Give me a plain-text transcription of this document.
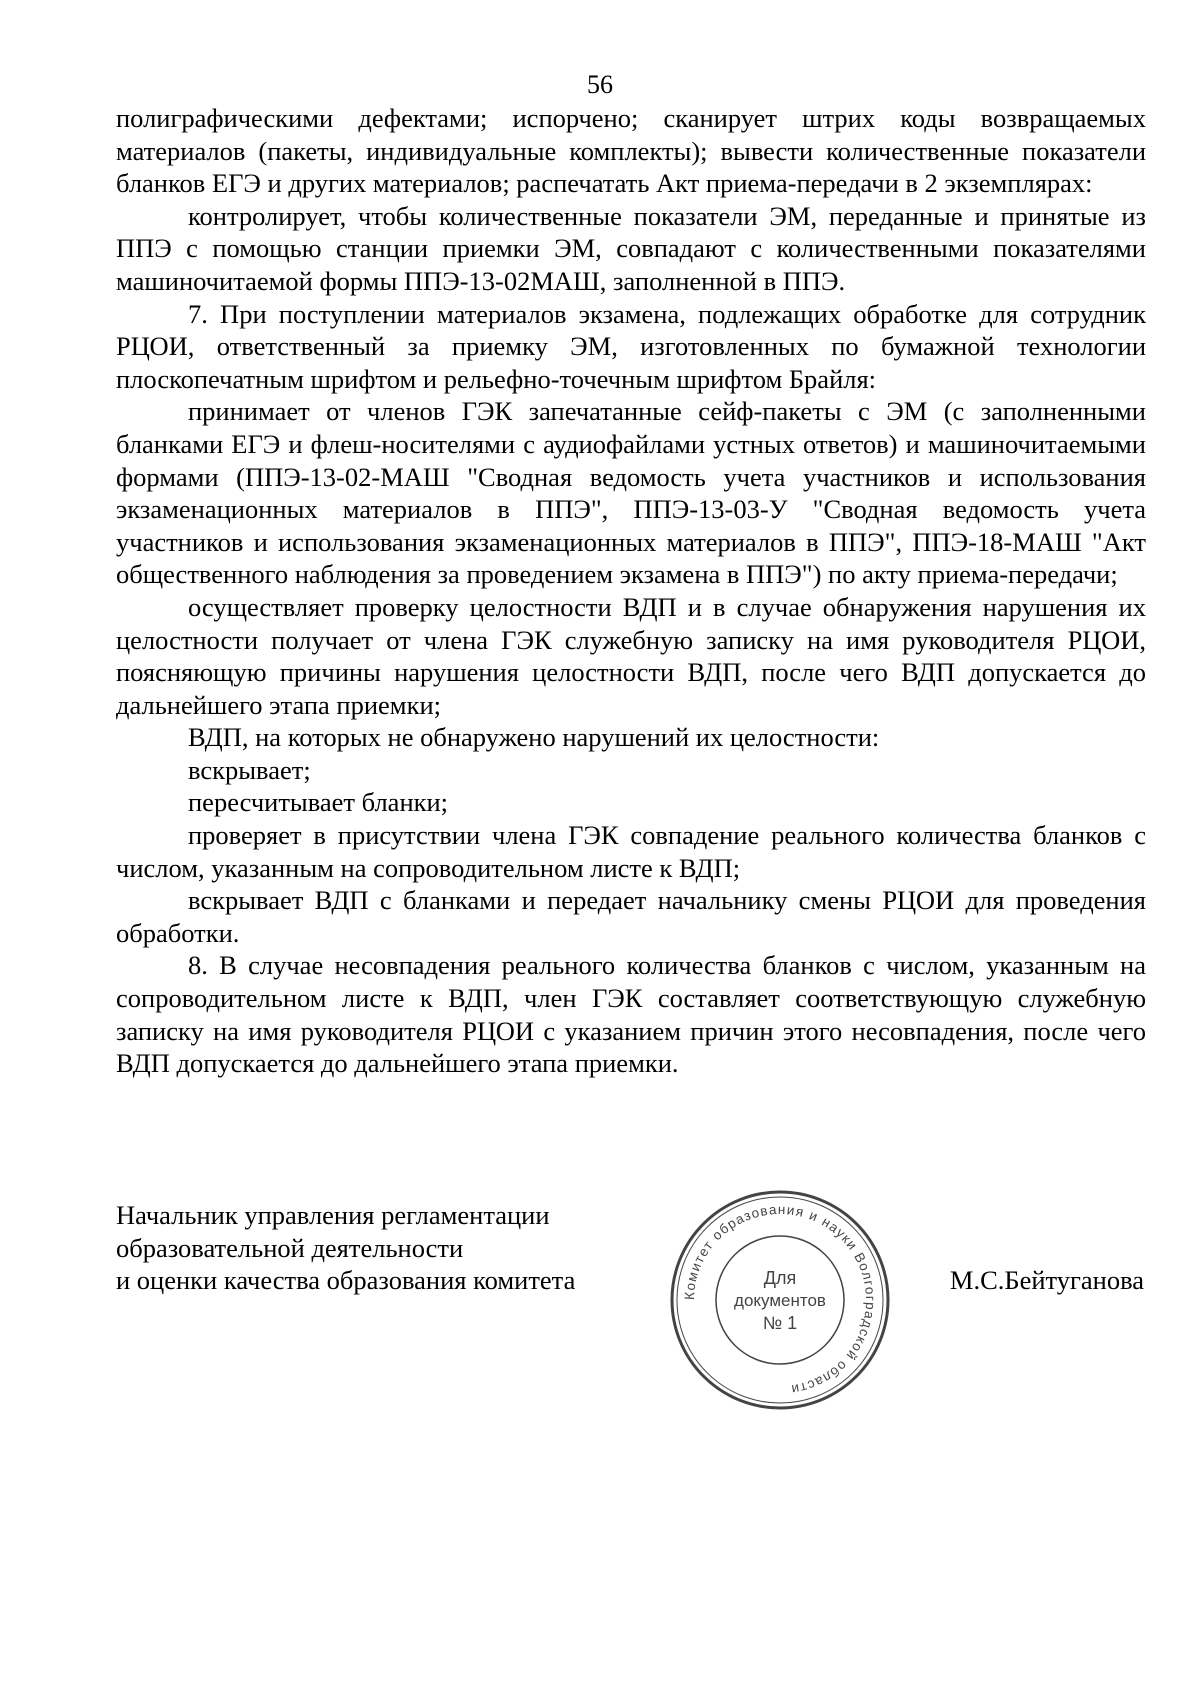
56

полиграфическими дефектами; испорчено; сканирует штрих коды возвращаемых материалов (пакеты, индивидуальные комплекты); вывести количественные показатели бланков ЕГЭ и других материалов; распечатать Акт приема-передачи в 2 экземплярах:

контролирует, чтобы количественные показатели ЭМ, переданные и принятые из ППЭ с помощью станции приемки ЭМ, совпадают с количественными показателями машиночитаемой формы ППЭ-13-02МАШ, заполненной в ППЭ.

7. При поступлении материалов экзамена, подлежащих обработке для сотрудник РЦОИ, ответственный за приемку ЭМ, изготовленных по бумажной технологии плоскопечатным шрифтом и рельефно-точечным шрифтом Брайля:

принимает от членов ГЭК запечатанные сейф-пакеты с ЭМ (с заполненными бланками ЕГЭ и флеш-носителями с аудиофайлами устных ответов) и машиночитаемыми формами (ППЭ-13-02-МАШ "Сводная ведомость учета участников и использования экзаменационных материалов в ППЭ", ППЭ-13-03-У "Сводная ведомость учета участников и использования экзаменационных материалов в ППЭ", ППЭ-18-МАШ "Акт общественного наблюдения за проведением экзамена в ППЭ") по акту приема-передачи;

осуществляет проверку целостности ВДП и в случае обнаружения нарушения их целостности получает от члена ГЭК служебную записку на имя руководителя РЦОИ, поясняющую причины нарушения целостности ВДП, после чего ВДП допускается до дальнейшего этапа приемки;

ВДП, на которых не обнаружено нарушений их целостности:

вскрывает;

пересчитывает бланки;

проверяет в присутствии члена ГЭК совпадение реального количества бланков с числом, указанным на сопроводительном листе к ВДП;

вскрывает ВДП с бланками и передает начальнику смены РЦОИ для проведения обработки.

8. В случае несовпадения реального количества бланков с числом, указанным на сопроводительном листе к ВДП, член ГЭК составляет соответствующую служебную записку на имя руководителя РЦОИ с указанием причин этого несовпадения, после чего ВДП допускается до дальнейшего этапа приемки.

Начальник управления регламентации
образовательной деятельности
и оценки качества образования комитета
Комитет образования и науки Волгоградской области
Для
документов
№ 1
М.С.Бейтуганова
